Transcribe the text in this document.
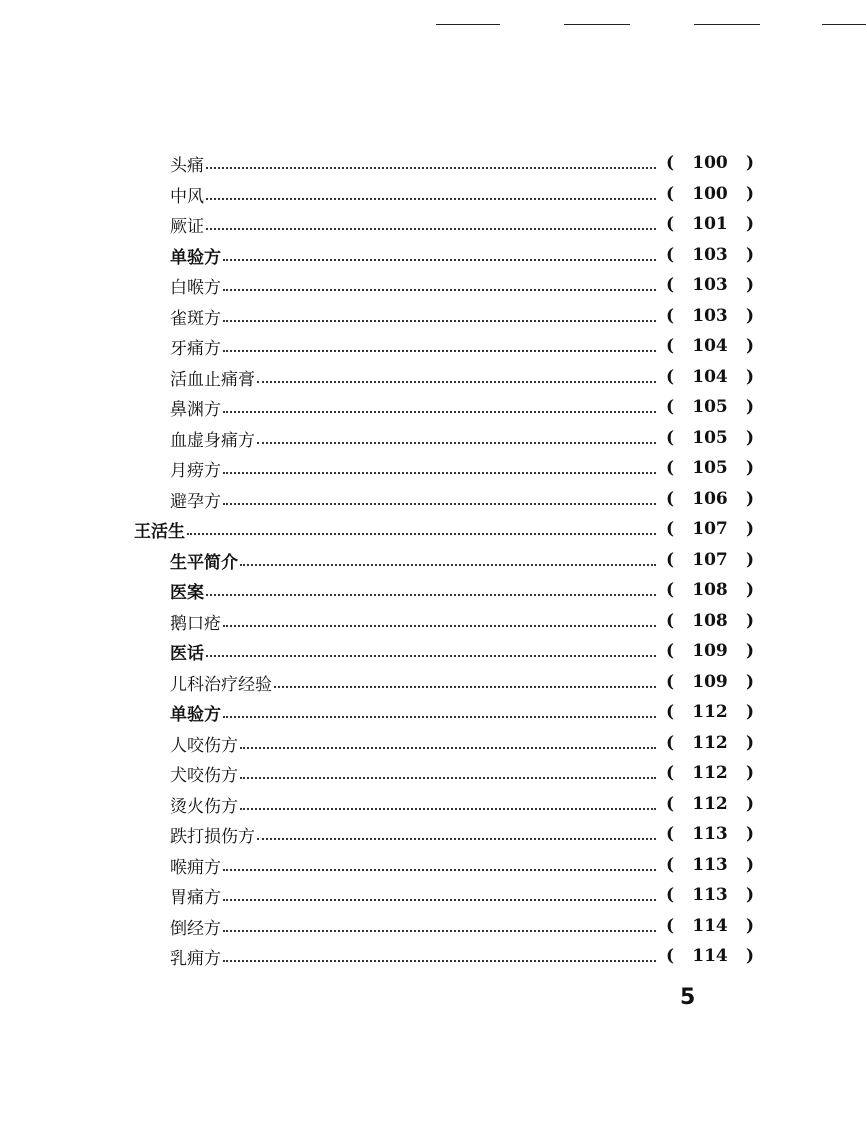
头痛	(	100	)
中风	(	100	)
厥证	(	101	)
单验方	(	103	)
白喉方	(	103	)
雀斑方	(	103	)
牙痛方	(	104	)
活血止痛膏	(	104	)
鼻渊方	(	105	)
血虚身痛方	(	105	)
月痨方	(	105	)
避孕方	(	106	)
王活生	(	107	)
生平简介	(	107	)
医案	(	108	)
鹅口疮	(	108	)
医话	(	109	)
儿科治疗经验	(	109	)
单验方	(	112	)
人咬伤方	(	112	)
犬咬伤方	(	112	)
烫火伤方	(	112	)
跌打损伤方	(	113	)
喉痈方	(	113	)
胃痛方	(	113	)
倒经方	(	114	)
乳痈方	(	114	)
5
